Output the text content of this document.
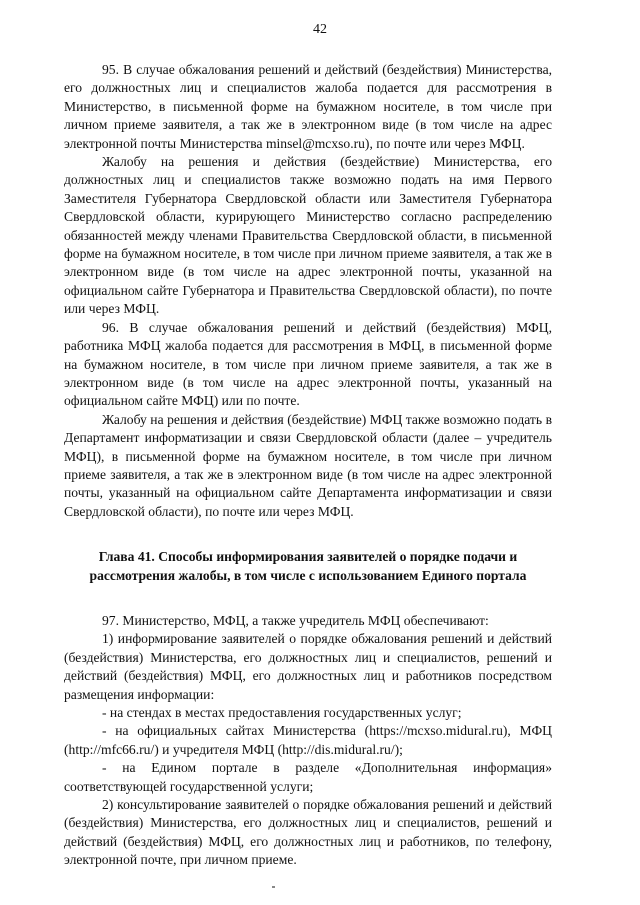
42

95. В случае обжалования решений и действий (бездействия) Министерства, его должностных лиц и специалистов жалоба подается для рассмотрения в Министерство, в письменной форме на бумажном носителе, в том числе при личном приеме заявителя, а так же в электронном виде (в том числе на адрес электронной почты Министерства minsel@mcxso.ru), по почте или через МФЦ.

Жалобу на решения и действия (бездействие) Министерства, его должностных лиц и специалистов также возможно подать на имя Первого Заместителя Губернатора Свердловской области или Заместителя Губернатора Свердловской области, курирующего Министерство согласно распределению обязанностей между членами Правительства Свердловской области, в письменной форме на бумажном носителе, в том числе при личном приеме заявителя, а так же в электронном виде (в том числе на адрес электронной почты, указанной на официальном сайте Губернатора и Правительства Свердловской области), по почте или через МФЦ.

96. В случае обжалования решений и действий (бездействия) МФЦ, работника МФЦ жалоба подается для рассмотрения в МФЦ, в письменной форме на бумажном носителе, в том числе при личном приеме заявителя, а так же в электронном виде (в том числе на адрес электронной почты, указанный на официальном сайте МФЦ) или по почте.

Жалобу на решения и действия (бездействие) МФЦ также возможно подать в Департамент информатизации и связи Свердловской области (далее – учредитель МФЦ), в письменной форме на бумажном носителе, в том числе при личном приеме заявителя, а так же в электронном виде (в том числе на адрес электронной почты, указанный на официальном сайте Департамента информатизации и связи Свердловской области), по почте или через МФЦ.

Глава 41. Способы информирования заявителей о порядке подачи и рассмотрения жалобы, в том числе с использованием Единого портала

97. Министерство, МФЦ, а также учредитель МФЦ обеспечивают:

1) информирование заявителей о порядке обжалования решений и действий (бездействия) Министерства, его должностных лиц и специалистов, решений и действий (бездействия) МФЦ, его должностных лиц и работников посредством размещения информации:

- на стендах в местах предоставления государственных услуг;

- на официальных сайтах Министерства (https://mcxso.midural.ru), МФЦ (http://mfc66.ru/) и учредителя МФЦ (http://dis.midural.ru/);

- на Едином портале в разделе «Дополнительная информация» соответствующей государственной услуги;

2) консультирование заявителей о порядке обжалования решений и действий (бездействия) Министерства, его должностных лиц и специалистов, решений и действий (бездействия) МФЦ, его должностных лиц и работников, по телефону, электронной почте, при личном приеме.
